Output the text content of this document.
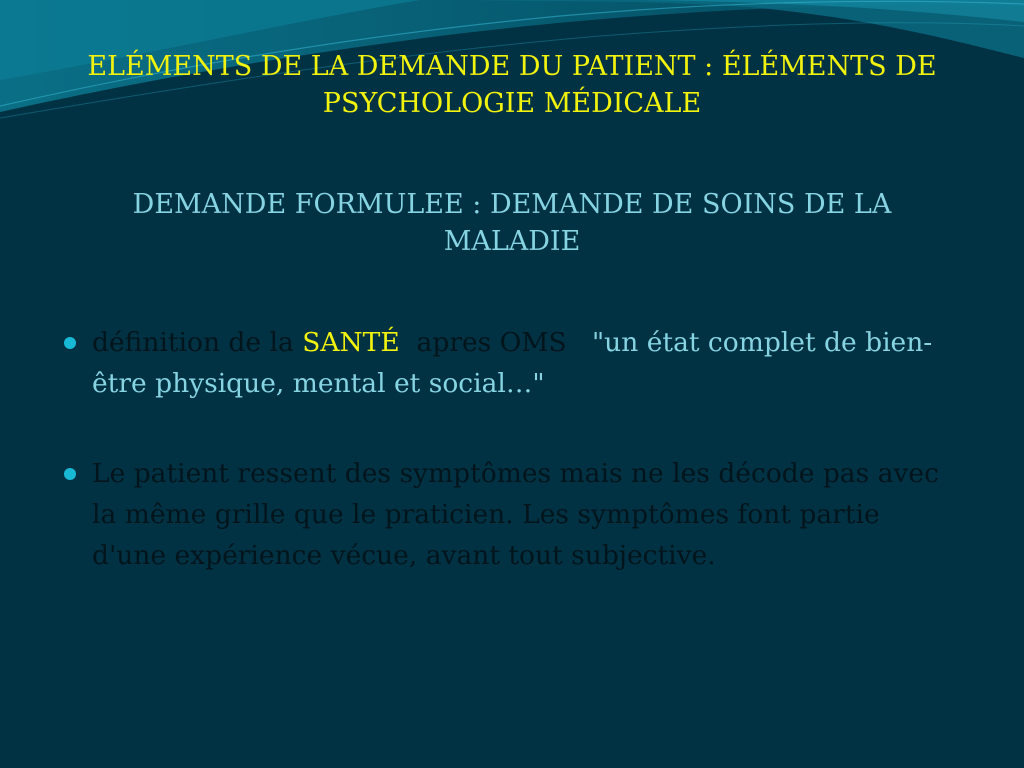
ELÉMENTS DE LA DEMANDE DU PATIENT : ÉLÉMENTS DE PSYCHOLOGIE MÉDICALE
DEMANDE FORMULEE : DEMANDE DE SOINS DE LA MALADIE
définition de la SANTÉ  apres OMS   "un état complet de bien-être physique, mental et social…"
Le patient ressent des symptômes mais ne les décode pas avec la même grille que le praticien. Les symptômes font partie d'une expérience vécue, avant tout subjective.
